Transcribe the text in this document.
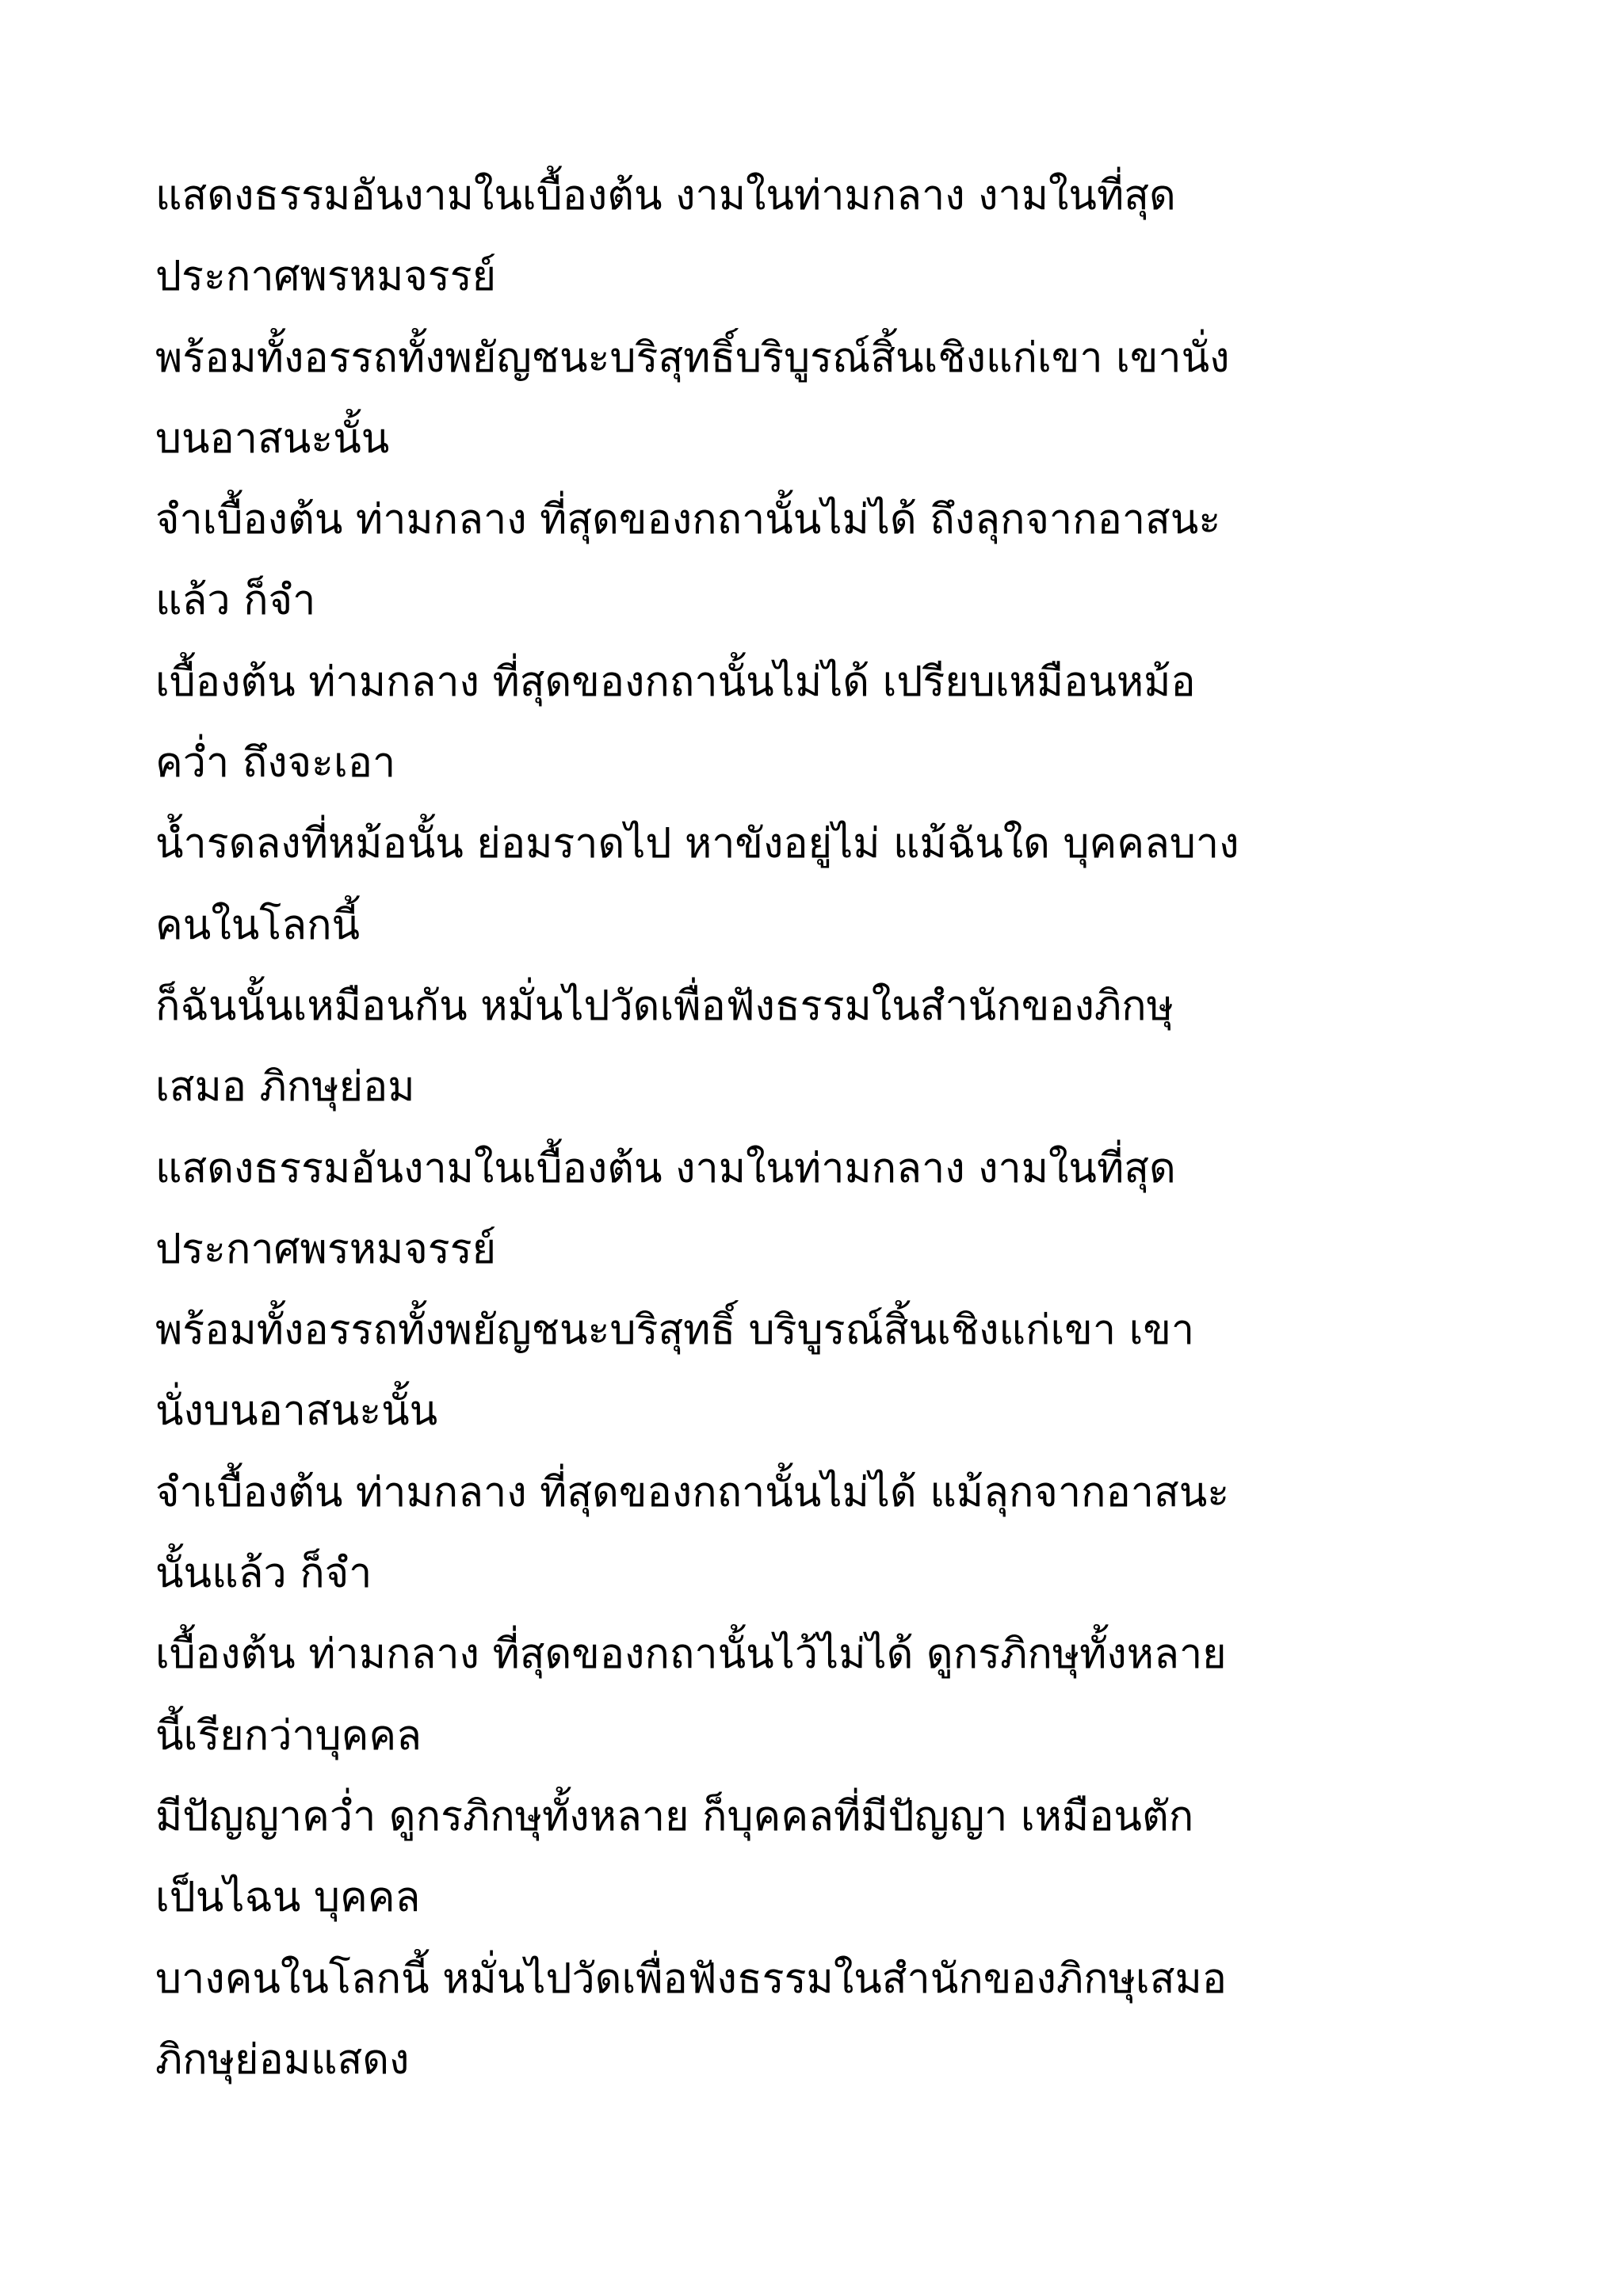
แสดงธรรมอันงามในเบื้องต้น งามในท่ามกลาง งามในที่สุด
ประกาศพรหมจรรย์
พร้อมทั้งอรรถทั้งพยัญชนะบริสุทธิ์บริบูรณ์สิ้นเชิงแก่เขา เขานั่ง
บนอาสนะนั้น
จำเบื้องต้น ท่ามกลาง ที่สุดของกถานั้นไม่ได้ ถึงลุกจากอาสนะ
แล้ว ก็จำ
เบื้องต้น ท่ามกลาง ที่สุดของกถานั้นไม่ได้ เปรียบเหมือนหม้อ
คว่ำ ถึงจะเอา
น้ำรดลงที่หม้อนั้น ย่อมราดไป หาขังอยู่ไม่ แม้ฉันใด บุคคลบาง
คนในโลกนี้
ก็ฉันนั้นเหมือนกัน หมั่นไปวัดเพื่อฟังธรรมในสำนักของภิกษุ
เสมอ ภิกษุย่อม
แสดงธรรมอันงามในเบื้องต้น งามในท่ามกลาง งามในที่สุด
ประกาศพรหมจรรย์
พร้อมทั้งอรรถทั้งพยัญชนะบริสุทธิ์ บริบูรณ์สิ้นเชิงแก่เขา เขา
นั่งบนอาสนะนั้น
จำเบื้องต้น ท่ามกลาง ที่สุดของกถานั้นไม่ได้ แม้ลุกจากอาสนะ
นั้นแล้ว ก็จำ
เบื้องต้น ท่ามกลาง ที่สุดของกถานั้นไว้ไม่ได้ ดูกรภิกษุทั้งหลาย
นี้เรียกว่าบุคคล
มีปัญญาคว่ำ ดูกรภิกษุทั้งหลาย ก็บุคคลที่มีปัญญา เหมือนตัก
เป็นไฉน บุคคล
บางคนในโลกนี้ หมั่นไปวัดเพื่อฟังธรรมในสำนักของภิกษุเสมอ
ภิกษุย่อมแสดง
